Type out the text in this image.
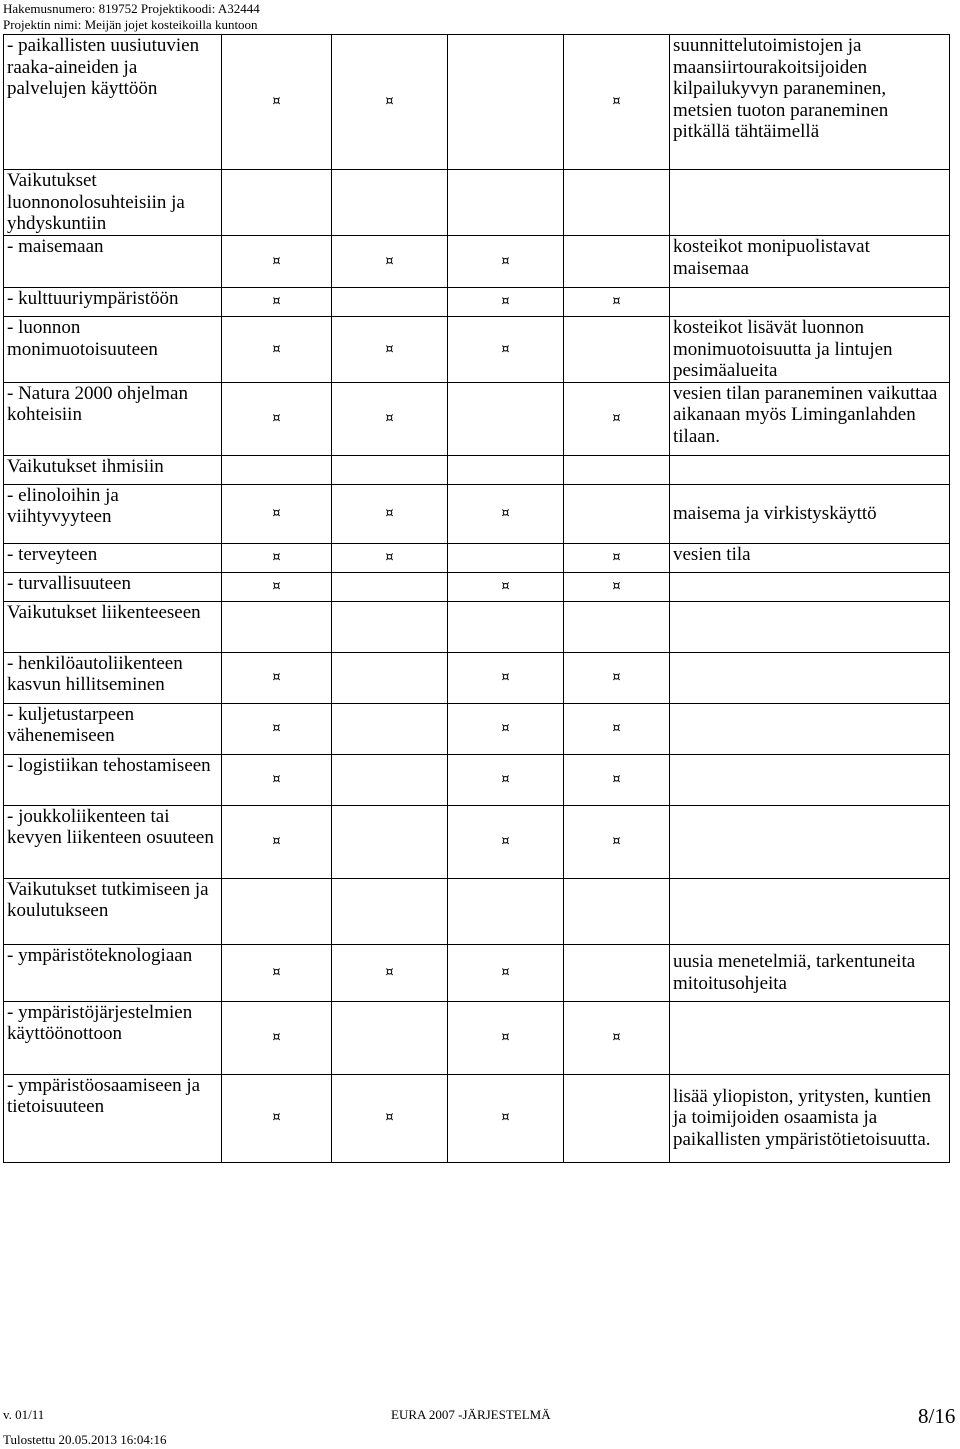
Hakemusnumero: 819752 Projektikoodi: A32444
Projektin nimi: Meijän jojet kosteikoilla kuntoon
- paikallisten uusiutuvien raaka-aineiden ja palvelujen käyttöön	¤	¤		¤	suunnittelutoimistojen ja maansiirtourakoitsijoiden kilpailukyvyn paraneminen, metsien tuoton paraneminen pitkällä tähtäimellä
Vaikutukset luonnonolosuhteisiin ja yhdyskuntiin					
- maisemaan	¤	¤	¤		kosteikot monipuolistavat maisemaa
- kulttuuriympäristöön	¤		¤	¤	
- luonnon monimuotoisuuteen	¤	¤	¤		kosteikot lisävät luonnon monimuotoisuutta ja lintujen pesimäalueita
- Natura 2000 ohjelman kohteisiin	¤	¤		¤	vesien tilan paraneminen vaikuttaa aikanaan myös Liminganlahden tilaan.
Vaikutukset ihmisiin					
- elinoloihin ja viihtyvyyteen	¤	¤	¤		maisema ja virkistyskäyttö
- terveyteen	¤	¤		¤	vesien tila
- turvallisuuteen	¤		¤	¤	
Vaikutukset liikenteeseen					
- henkilöautoliikenteen kasvun hillitseminen	¤		¤	¤	
- kuljetustarpeen vähenemiseen	¤		¤	¤	
- logistiikan tehostamiseen	¤		¤	¤	
- joukkoliikenteen tai kevyen liikenteen osuuteen	¤		¤	¤	
Vaikutukset tutkimiseen ja koulutukseen					
- ympäristöteknologiaan	¤	¤	¤		uusia menetelmiä, tarkentuneita mitoitusohjeita
- ympäristöjärjestelmien käyttöönottoon	¤		¤	¤	
- ympäristöosaamiseen ja tietoisuuteen	¤	¤	¤		lisää yliopiston, yritysten, kuntien ja toimijoiden osaamista ja paikallisten ympäristötietoisuutta.
v. 01/11	EURA 2007 -JÄRJESTELMÄ	8/16
Tulostettu 20.05.2013 16:04:16
